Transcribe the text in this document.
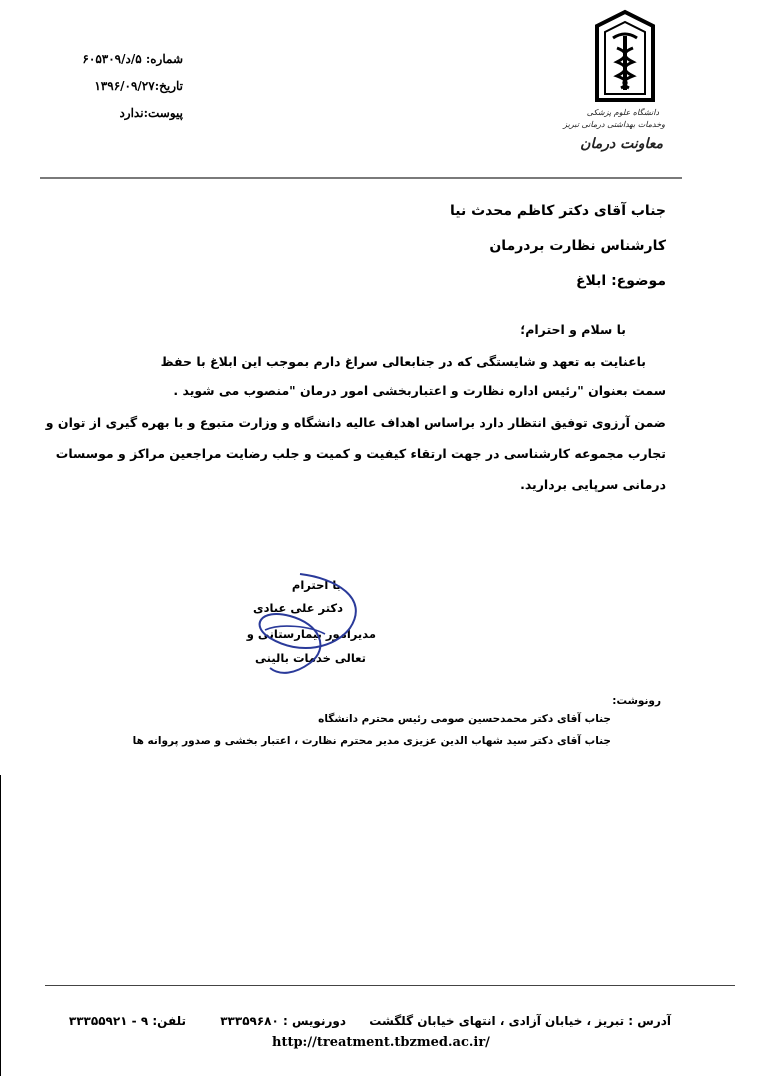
شماره: ۵/د/۶۰۵۳۰۹
تاریخ:۱۳۹۶/۰۹/۲۷
پیوست:ندارد	دانشگاه علوم پزشکی
وخدمات بهداشتی درمانی تبریز
معاونت درمان
جناب آقای دکتر کاظم محدث نیا
کارشناس نظارت بردرمان
موضوع: ابلاغ
با سلام و احترام؛
باعنایت به تعهد و شایستگی که در جنابعالی سراغ دارم بموجب این ابلاغ با حفظ
سمت بعنوان "رئیس اداره نظارت و اعتباربخشی امور درمان "منصوب می شوید .
ضمن آرزوی توفیق انتظار دارد براساس اهداف عالیه دانشگاه و وزارت متبوع و با بهره گیری از توان و
تجارب مجموعه کارشناسی در جهت ارتقاء کیفیت و کمیت و جلب رضایت مراجعین مراکز و موسسات
درمانی سرپایی بردارید.
با احترام
دکتر علی عبادی
مدیرامور بیمارستانی و
تعالی خدمات بالینی
رونوشت:
جناب آقای دکتر محمدحسین صومی رئیس محترم دانشگاه
جناب آقای دکتر سید شهاب الدین عزیزی مدیر محترم نظارت ، اعتبار بخشی و صدور پروانه ها
آدرس : تبریز ، خیابان آزادی ، انتهای خیابان گلگشت
دورنویس : ۳۳۳۵۹۶۸۰
تلفن: ۹ - ۳۳۳۵۵۹۲۱
http://treatment.tbzmed.ac.ir/
